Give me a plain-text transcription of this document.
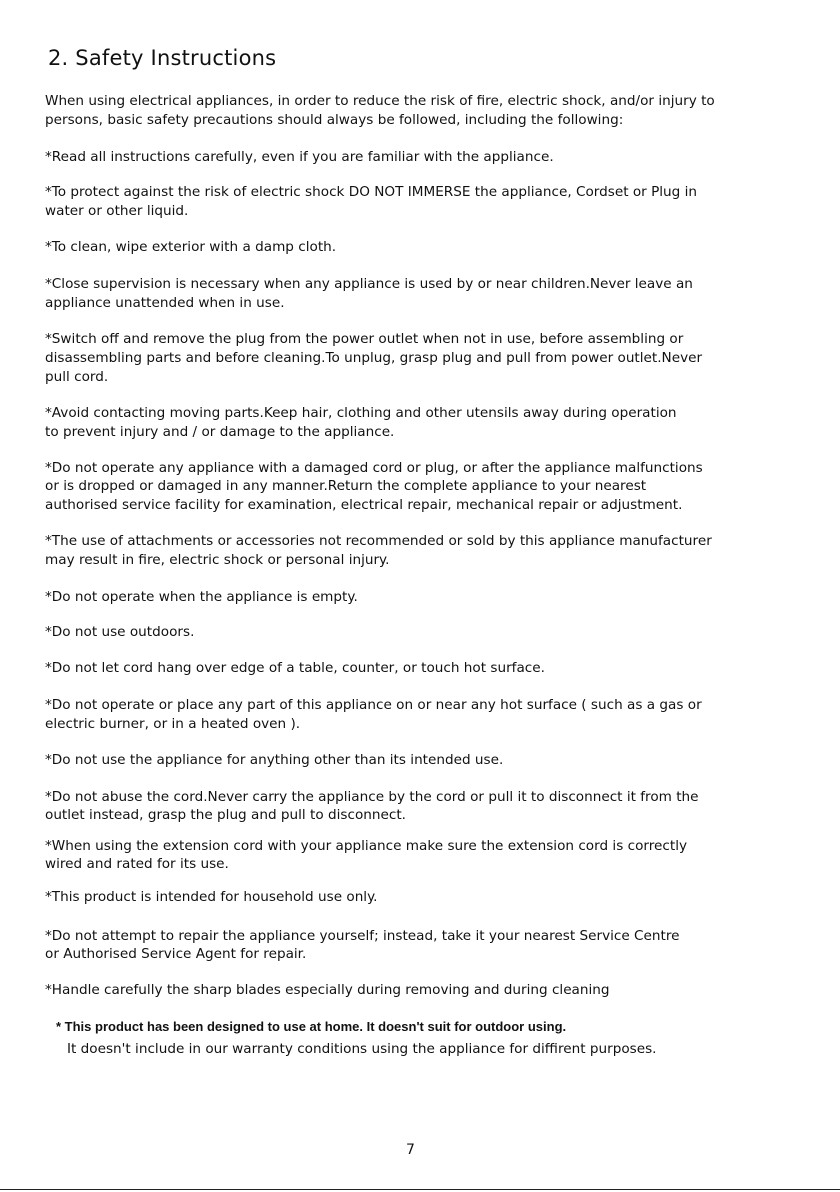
2. Safety Instructions
When using electrical appliances, in order to reduce the risk of fire, electric shock, and/or injury to
persons, basic safety precautions should always be followed, including the following:
*Read all instructions carefully, even if you are familiar with the appliance.
*To protect against the risk of electric shock DO NOT IMMERSE the appliance, Cordset or Plug in
water or other liquid.
*To clean, wipe exterior with a damp cloth.
*Close supervision is necessary when any appliance is used by or near children.Never leave an
appliance unattended when in use.
*Switch off and remove the plug from the power outlet when not in use, before assembling or
disassembling parts and before cleaning.To unplug, grasp plug and pull from power outlet.Never
pull cord.
*Avoid contacting moving parts.Keep hair, clothing and other utensils away during operation
to prevent injury and / or damage to the appliance.
*Do not operate any appliance with a damaged cord or plug, or after the appliance malfunctions
or is dropped or damaged in any manner.Return the complete appliance to your nearest
authorised service facility for examination, electrical repair, mechanical repair or adjustment.
*The use of attachments or accessories not recommended or sold by this appliance manufacturer
may result in fire, electric shock or personal injury.
*Do not operate when the appliance is empty.
*Do not use outdoors.
*Do not let cord hang over edge of a table, counter, or touch hot surface.
*Do not operate or place any part of this appliance on or near any hot surface ( such as a gas or
electric burner, or in a heated oven ).
*Do not use the appliance for anything other than its intended use.
*Do not abuse the cord.Never carry the appliance by the cord or pull it to disconnect it from the
outlet instead, grasp the plug and pull to disconnect.
*When using the extension cord with your appliance make sure the extension cord is correctly
wired and rated for its use.
*This product is intended for household use only.
*Do not attempt to repair the appliance yourself; instead, take it your nearest Service Centre
or Authorised Service Agent for repair.
*Handle carefully the sharp blades especially during removing and during cleaning
* This product has been designed to use at home. It doesn't suit for outdoor using.
It doesn't include in our warranty conditions using the appliance for diffirent purposes.
7
